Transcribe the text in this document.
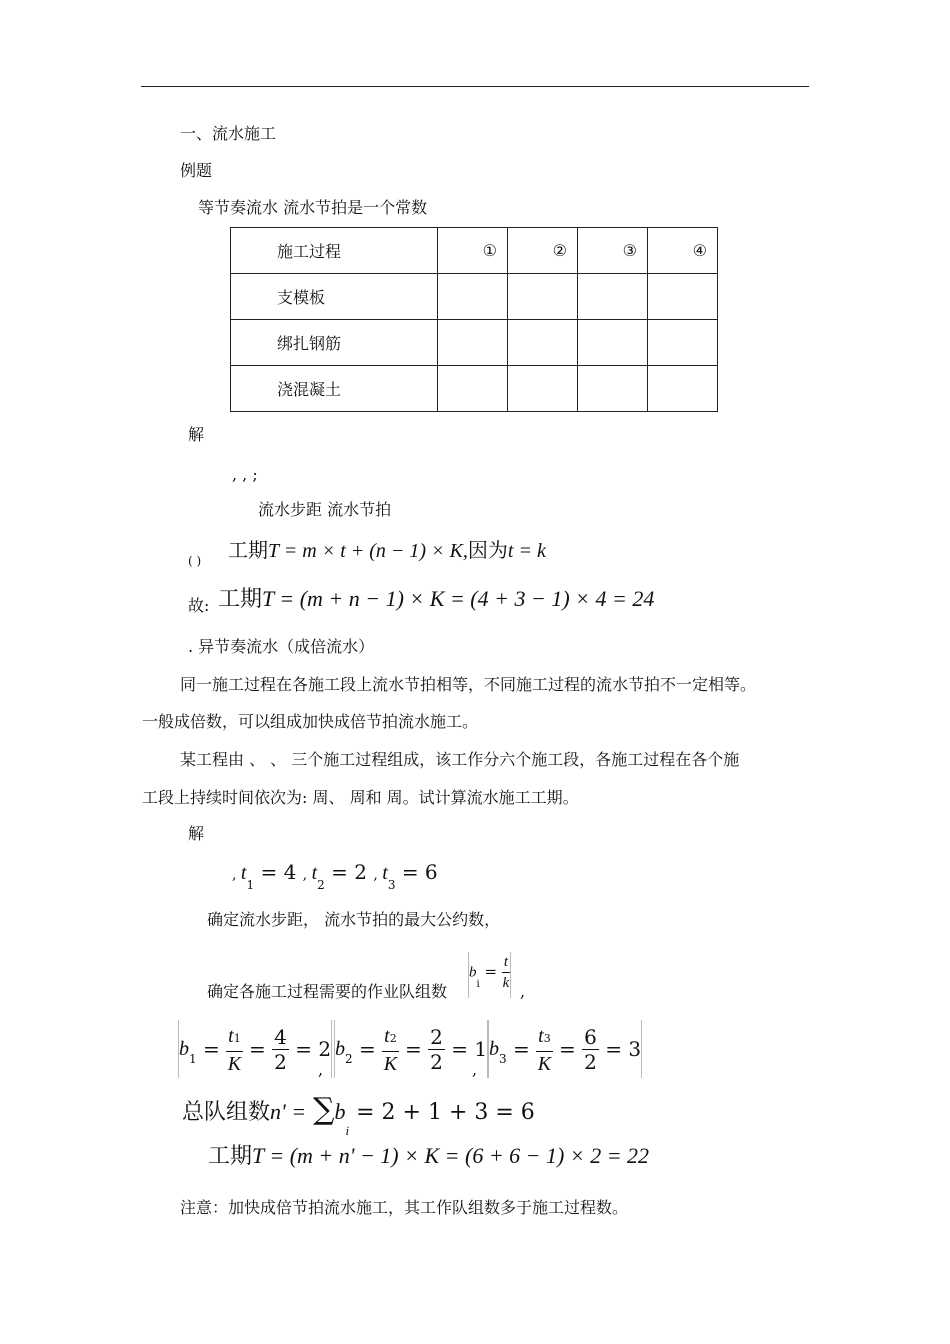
一、流水施工
例题
等节奏流水 流水节拍是一个常数
施工过程	①	②	③	④
支模板				
绑扎钢筋				
浇混凝土				
解
, , ;
流水步距 流水节拍
( ) 工期T = m × t + (n − 1) × K,因为t = k
故: 工期T = (m + n − 1) × K = (4 + 3 − 1) × 4 = 24
. 异节奏流水（成倍流水）
同一施工过程在各施工段上流水节拍相等，不同施工过程的流水节拍不一定相等。
一般成倍数，可以组成加快成倍节拍流水施工。
某工程由 、 、 三个施工过程组成，该工作分六个施工段，各施工过程在各个施
工段上持续时间依次为: 周、 周和 周。试计算流水施工工期。
解
, $t_1 = 4$ , $t_2 = 2$ , $t_3 = 6$
确定流水步距， 流水节拍的最大公约数，
确定各施工过程需要的作业队组数
$b_i = \frac{t}{k}$ ,
b $1 = \frac{t1}{K} = \frac{4}{2} = 2$
,
b $2 = \frac{t2}{K} = \frac{2}{2} = 1$
,
b $3 = \frac{t3}{K} = \frac{6}{2} = 3$
总队组数$n' = \sum b_i = 2 + 1 + 3 = 6$
工期T = (m + n' − 1) × K = (6 + 6 − 1) × 2 = 22
注意：加快成倍节拍流水施工，其工作队组数多于施工过程数。
